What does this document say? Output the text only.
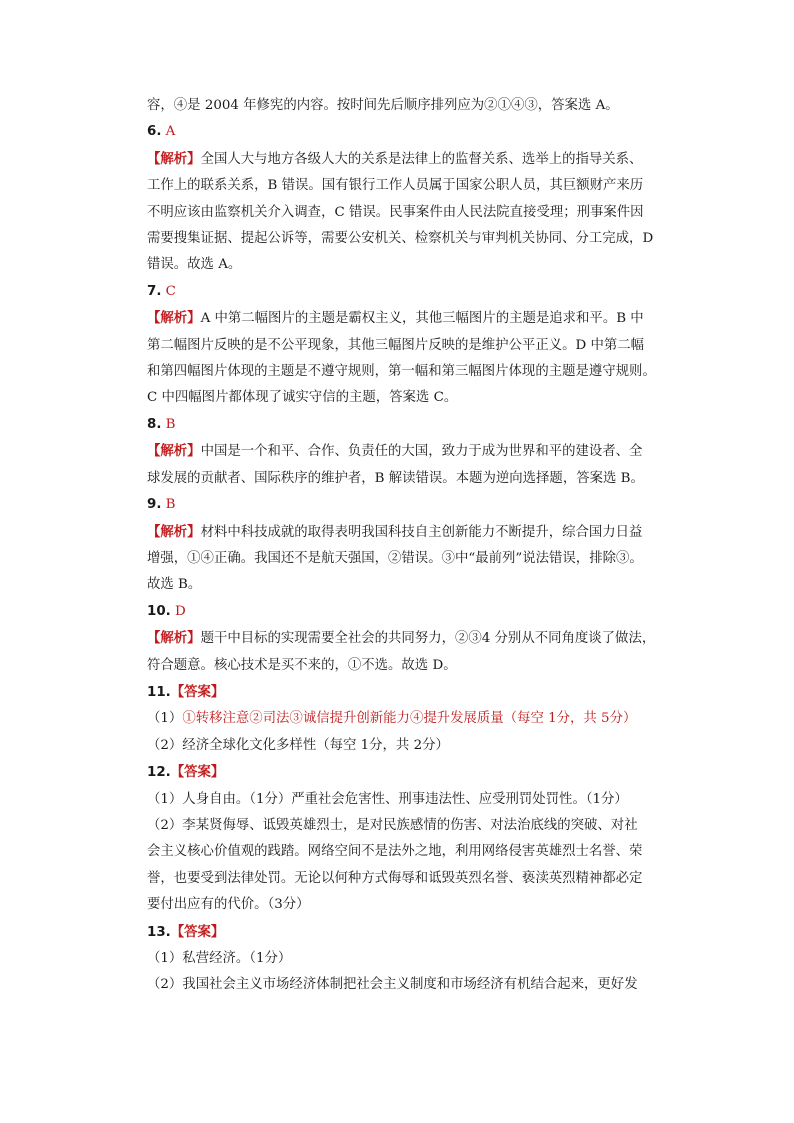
容，④是 2004 年修宪的内容。按时间先后顺序排列应为②①④③，答案选 A。
6. A
【解析】全国人大与地方各级人大的关系是法律上的监督关系、选举上的指导关系、
工作上的联系关系，B 错误。国有银行工作人员属于国家公职人员，其巨额财产来历
不明应该由监察机关介入调查，C 错误。民事案件由人民法院直接受理；刑事案件因
需要搜集证据、提起公诉等，需要公安机关、检察机关与审判机关协同、分工完成，D
错误。故选 A。
7. C
【解析】A 中第二幅图片的主题是霸权主义，其他三幅图片的主题是追求和平。B 中
第二幅图片反映的是不公平现象，其他三幅图片反映的是维护公平正义。D 中第二幅
和第四幅图片体现的主题是不遵守规则，第一幅和第三幅图片体现的主题是遵守规则。
C 中四幅图片都体现了诚实守信的主题，答案选 C。
8. B
【解析】中国是一个和平、合作、负责任的大国，致力于成为世界和平的建设者、全
球发展的贡献者、国际秩序的维护者，B 解读错误。本题为逆向选择题，答案选 B。
9. B
【解析】材料中科技成就的取得表明我国科技自主创新能力不断提升，综合国力日益
增强，①④正确。我国还不是航天强国，②错误。③中“最前列”说法错误，排除③。
故选 B。
10. D
【解析】题干中目标的实现需要全社会的共同努力，②③4 分别从不同角度谈了做法，
符合题意。核心技术是买不来的，①不选。故选 D。
11.【答案】
（1）①转移注意②司法③诚信提升创新能力④提升发展质量（每空 1分，共 5分）
（2）经济全球化文化多样性（每空 1分，共 2分）
12.【答案】
（1）人身自由。（1分）严重社会危害性、刑事违法性、应受刑罚处罚性。（1分）
（2）李某贤侮辱、诋毁英雄烈士，是对民族感情的伤害、对法治底线的突破、对社
会主义核心价值观的践踏。网络空间不是法外之地，利用网络侵害英雄烈士名誉、荣
誉，也要受到法律处罚。无论以何种方式侮辱和诋毁英烈名誉、亵渎英烈精神都必定
要付出应有的代价。（3分）
13.【答案】
（1）私营经济。（1分）
（2）我国社会主义市场经济体制把社会主义制度和市场经济有机结合起来，更好发
